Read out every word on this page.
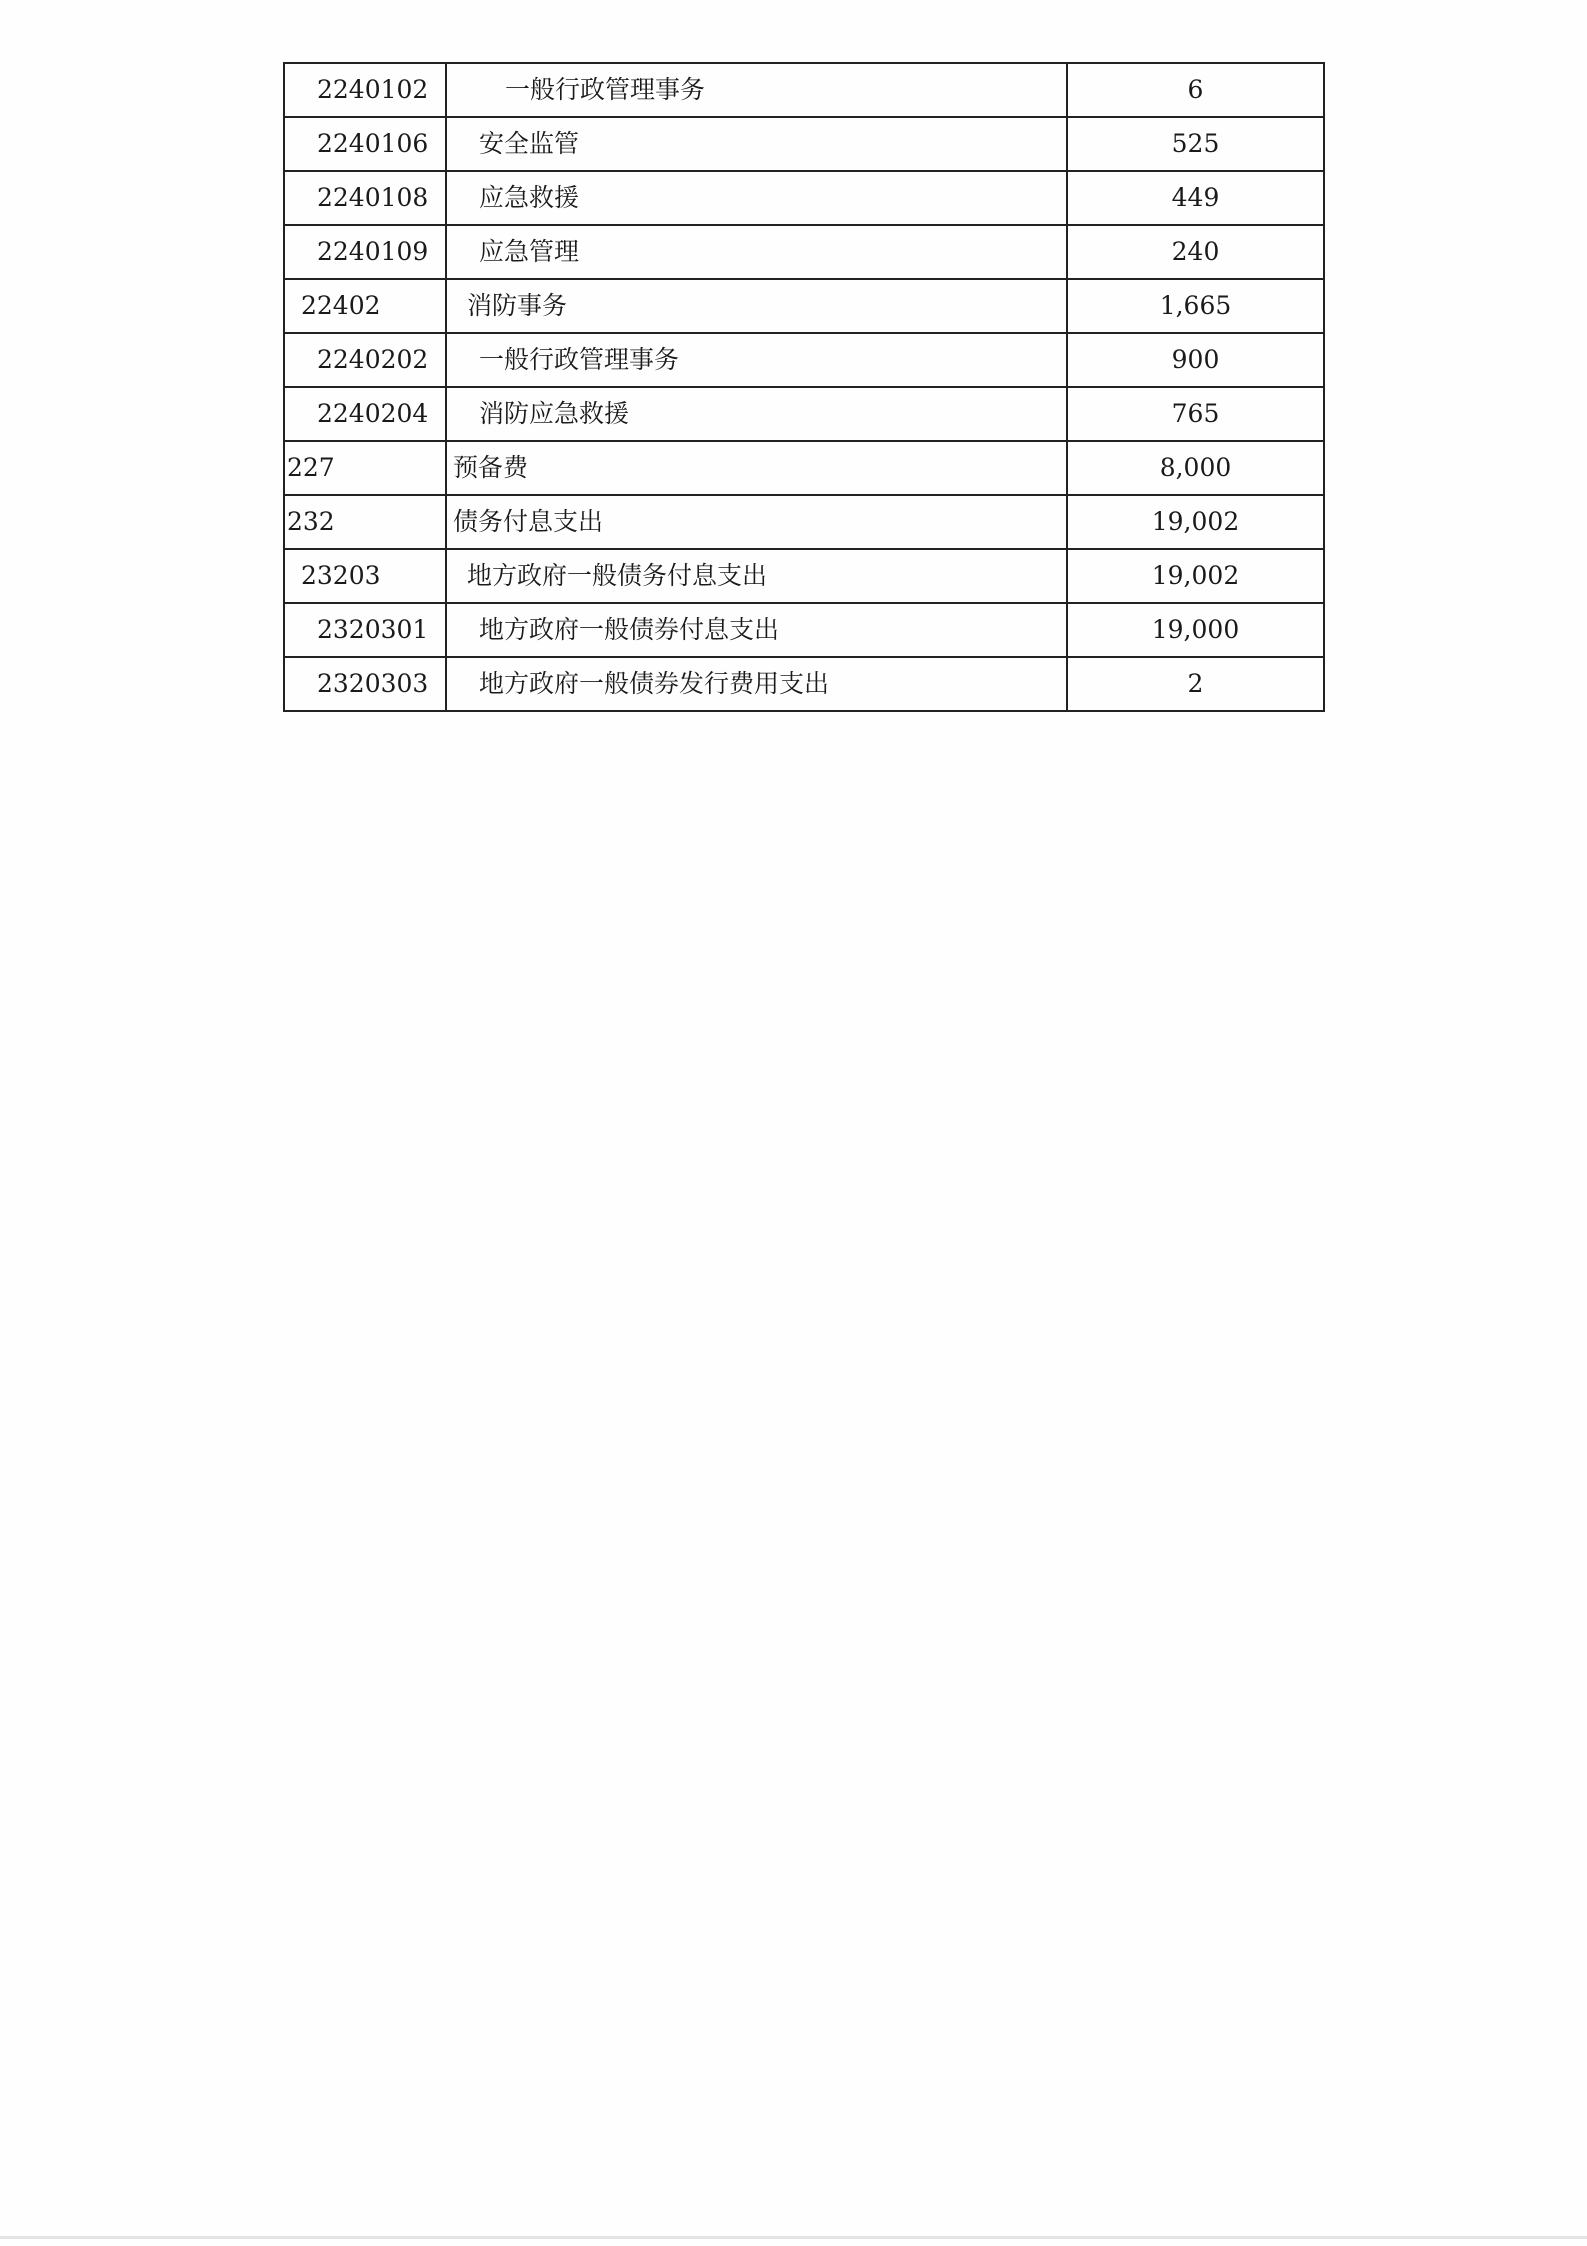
2240102	一般行政管理事务	6
2240106	安全监管	525
2240108	应急救援	449
2240109	应急管理	240
22402	消防事务	1,665
2240202	一般行政管理事务	900
2240204	消防应急救援	765
227	预备费	8,000
232	债务付息支出	19,002
23203	地方政府一般债务付息支出	19,002
2320301	地方政府一般债券付息支出	19,000
2320303	地方政府一般债券发行费用支出	2
